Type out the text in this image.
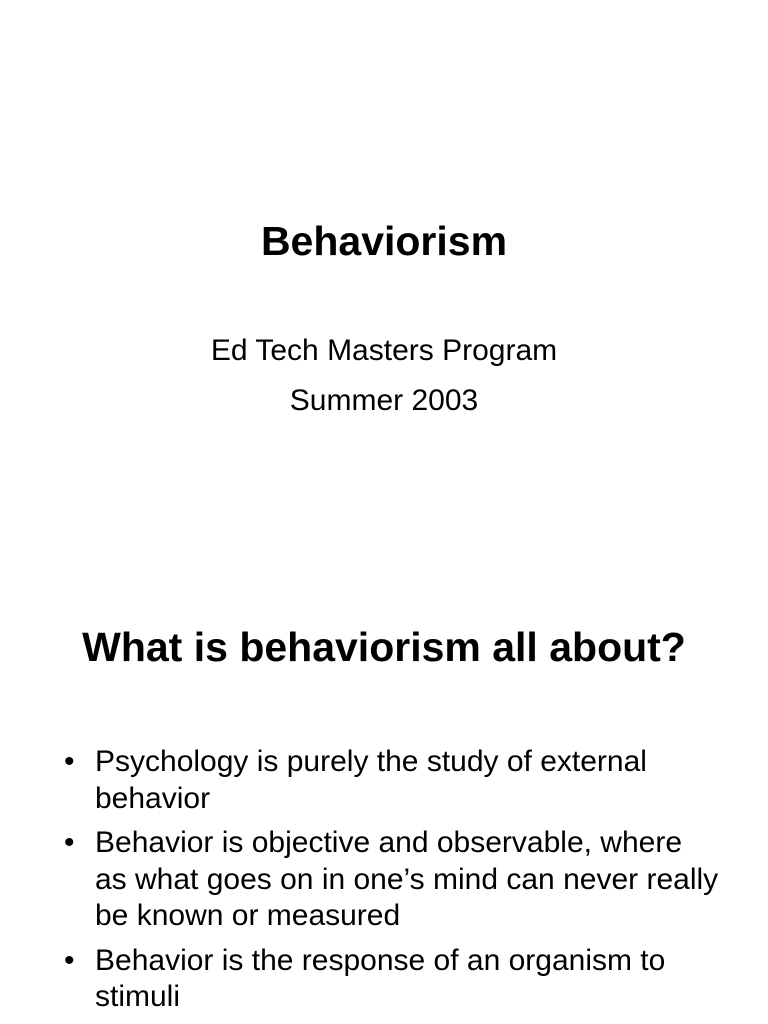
Behaviorism

Ed Tech Masters Program

Summer 2003

What is behaviorism all about?
• Psychology is purely the study of external behavior
• Behavior is objective and observable, where as what goes on in one’s mind can never really be known or measured
• Behavior is the response of an organism to stimuli
